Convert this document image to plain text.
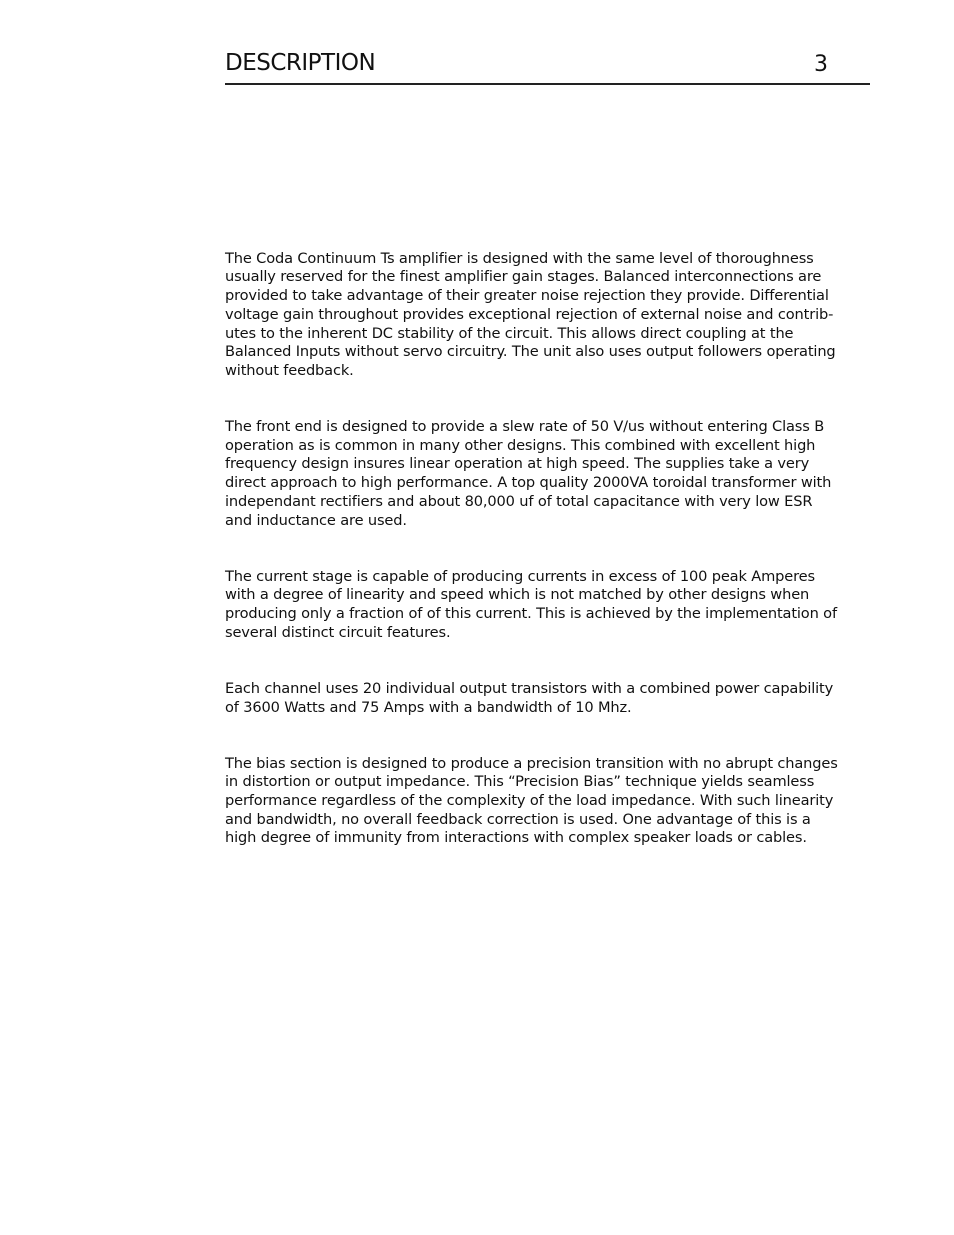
DESCRIPTION	3

The Coda Continuum Ts amplifier is designed with the same level of thoroughness
usually reserved for the finest amplifier gain stages. Balanced interconnections are
provided to take advantage of their greater noise rejection they provide. Differential
voltage gain throughout provides exceptional rejection of external noise and contrib-
utes to the inherent DC stability of the circuit. This allows direct coupling at the
Balanced Inputs without servo circuitry. The unit also uses output followers operating
without feedback.

The front end is designed to provide a slew rate of 50 V/us without entering Class B
operation as is common in many other designs. This combined with excellent high
frequency design insures linear operation at high speed. The supplies take a very
direct approach to high performance. A top quality 2000VA toroidal transformer with
independant rectifiers and about 80,000 uf of total capacitance with very low ESR
and inductance are used.

The current stage is capable of producing currents in excess of 100 peak Amperes
with a degree of linearity and speed which is not matched by other designs when
producing only a fraction of of this current. This is achieved by the implementation of
several distinct circuit features.

Each channel uses 20 individual output transistors with a combined power capability
of 3600 Watts and 75 Amps with a bandwidth of 10 Mhz.

The bias section is designed to produce a precision transition with no abrupt changes
in distortion or output impedance. This “Precision Bias” technique yields seamless
performance regardless of the complexity of the load impedance. With such linearity
and bandwidth, no overall feedback correction is used. One advantage of this is a
high degree of immunity from interactions with complex speaker loads or cables.
